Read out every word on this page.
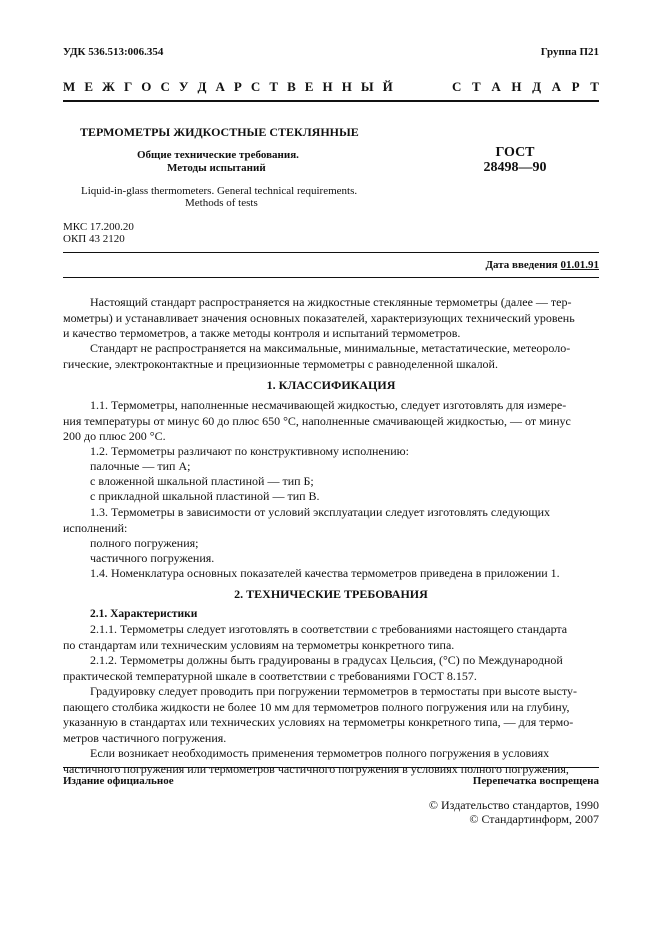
УДК 536.513:006.354	Группа П21
М Е Ж Г О С У Д А Р С Т В Е Н Н Ы Й	С Т А Н Д А Р Т
ТЕРМОМЕТРЫ ЖИДКОСТНЫЕ СТЕКЛЯННЫЕ
Общие технические требования.
Методы испытаний
Liquid-in-glass thermometers. General technical requirements.
Methods of tests
ГОСТ
28498—90
МКС 17.200.20
ОКП 43 2120
Дата введения 01.01.91
Настоящий стандарт распространяется на жидкостные стеклянные термометры (далее — тер-
мометры) и устанавливает значения основных показателей, характеризующих технический уровень
и качество термометров, а также методы контроля и испытаний термометров.
Стандарт не распространяется на максимальные, минимальные, метастатические, метеороло-
гические, электроконтактные и прецизионные термометры с равноделенной шкалой.
1. КЛАССИФИКАЦИЯ
1.1. Термометры, наполненные несмачивающей жидкостью, следует изготовлять для измере-
ния температуры от минус 60 до плюс 650 °С, наполненные смачивающей жидкостью, — от минус
200 до плюс 200 °С.
1.2. Термометры различают по конструктивному исполнению:
палочные — тип А;
с вложенной шкальной пластиной — тип Б;
с прикладной шкальной пластиной — тип В.
1.3. Термометры в зависимости от условий эксплуатации следует изготовлять следующих
исполнений:
полного погружения;
частичного погружения.
1.4. Номенклатура основных показателей качества термометров приведена в приложении 1.
2. ТЕХНИЧЕСКИЕ ТРЕБОВАНИЯ
2.1. Характеристики
2.1.1. Термометры следует изготовлять в соответствии с требованиями настоящего стандарта
по стандартам или техническим условиям на термометры конкретного типа.
2.1.2. Термометры должны быть градуированы в градусах Цельсия, (°С) по Международной
практической температурной шкале в соответствии с требованиями ГОСТ 8.157.
Градуировку следует проводить при погружении термометров в термостаты при высоте высту-
пающего столбика жидкости не более 10 мм для термометров полного погружения или на глубину,
указанную в стандартах или технических условиях на термометры конкретного типа, — для термо-
метров частичного погружения.
Если возникает необходимость применения термометров полного погружения в условиях
частичного погружения или термометров частичного погружения в условиях полного погружения,
Издание официальное	Перепечатка воспрещена
© Издательство стандартов, 1990
© Стандартинформ, 2007
